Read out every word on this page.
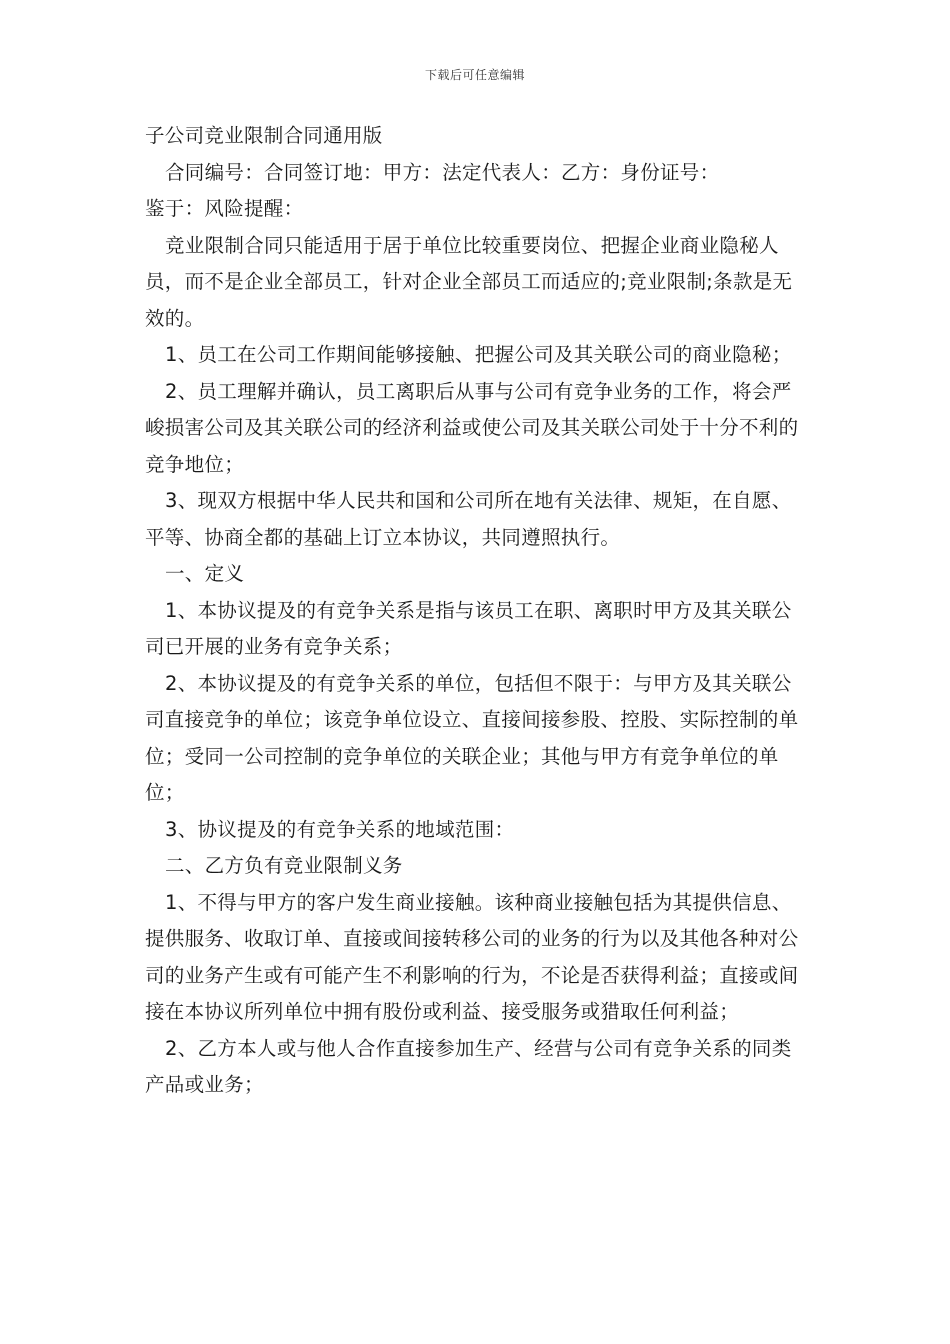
下载后可任意编辑

子公司竞业限制合同通用版

合同编号：合同签订地：甲方：法定代表人：乙方：身份证号：

鉴于：风险提醒：

竞业限制合同只能适用于居于单位比较重要岗位、把握企业商业隐秘人员，而不是企业全部员工，针对企业全部员工而适应的;竞业限制;条款是无效的。

1、员工在公司工作期间能够接触、把握公司及其关联公司的商业隐秘；

2、员工理解并确认，员工离职后从事与公司有竞争业务的工作，将会严峻损害公司及其关联公司的经济利益或使公司及其关联公司处于十分不利的竞争地位；

3、现双方根据中华人民共和国和公司所在地有关法律、规矩，在自愿、平等、协商全都的基础上订立本协议，共同遵照执行。

一、定义

1、本协议提及的有竞争关系是指与该员工在职、离职时甲方及其关联公司已开展的业务有竞争关系；

2、本协议提及的有竞争关系的单位，包括但不限于：与甲方及其关联公司直接竞争的单位；该竞争单位设立、直接间接参股、控股、实际控制的单位；受同一公司控制的竞争单位的关联企业；其他与甲方有竞争单位的单位；

3、协议提及的有竞争关系的地域范围：

二、乙方负有竞业限制义务

1、不得与甲方的客户发生商业接触。该种商业接触包括为其提供信息、提供服务、收取订单、直接或间接转移公司的业务的行为以及其他各种对公司的业务产生或有可能产生不利影响的行为，不论是否获得利益；直接或间接在本协议所列单位中拥有股份或利益、接受服务或猎取任何利益；

2、乙方本人或与他人合作直接参加生产、经营与公司有竞争关系的同类产品或业务；
